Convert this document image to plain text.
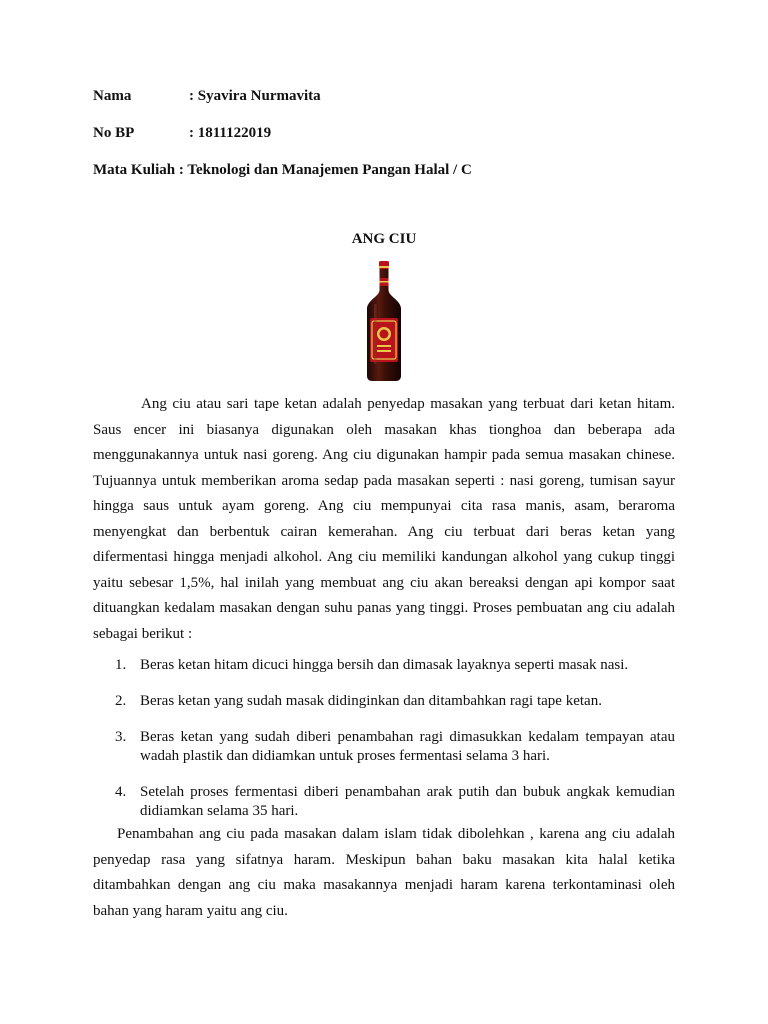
Nama	: Syavira Nurmavita
No BP	: 1811122019
Mata Kuliah : Teknologi dan Manajemen Pangan Halal / C
ANG CIU

Ang ciu atau sari tape ketan adalah penyedap masakan yang terbuat dari ketan hitam. Saus encer ini biasanya digunakan oleh masakan khas tionghoa dan beberapa ada menggunakannya untuk nasi goreng. Ang ciu digunakan hampir pada semua masakan chinese. Tujuannya untuk memberikan aroma sedap pada masakan seperti : nasi goreng, tumisan sayur hingga saus untuk ayam goreng. Ang ciu mempunyai cita rasa manis, asam, beraroma menyengkat dan berbentuk cairan kemerahan. Ang ciu terbuat dari beras ketan yang difermentasi hingga menjadi alkohol. Ang ciu memiliki kandungan alkohol yang cukup tinggi yaitu sebesar 1,5%, hal inilah yang membuat ang ciu akan bereaksi dengan api kompor saat dituangkan kedalam masakan dengan suhu panas yang tinggi. Proses pembuatan ang ciu adalah sebagai berikut :

1. Beras ketan hitam dicuci hingga bersih dan dimasak layaknya seperti masak nasi.
2. Beras ketan yang sudah masak didinginkan dan ditambahkan ragi tape ketan.
3. Beras ketan yang sudah diberi penambahan ragi dimasukkan kedalam tempayan atau wadah plastik dan didiamkan untuk proses fermentasi selama 3 hari.
4. Setelah proses fermentasi diberi penambahan arak putih dan bubuk angkak kemudian didiamkan selama 35 hari.

Penambahan ang ciu pada masakan dalam islam tidak dibolehkan , karena ang ciu adalah penyedap rasa yang sifatnya haram. Meskipun bahan baku masakan kita halal ketika ditambahkan dengan ang ciu maka masakannya menjadi haram karena terkontaminasi oleh bahan yang haram yaitu ang ciu.
